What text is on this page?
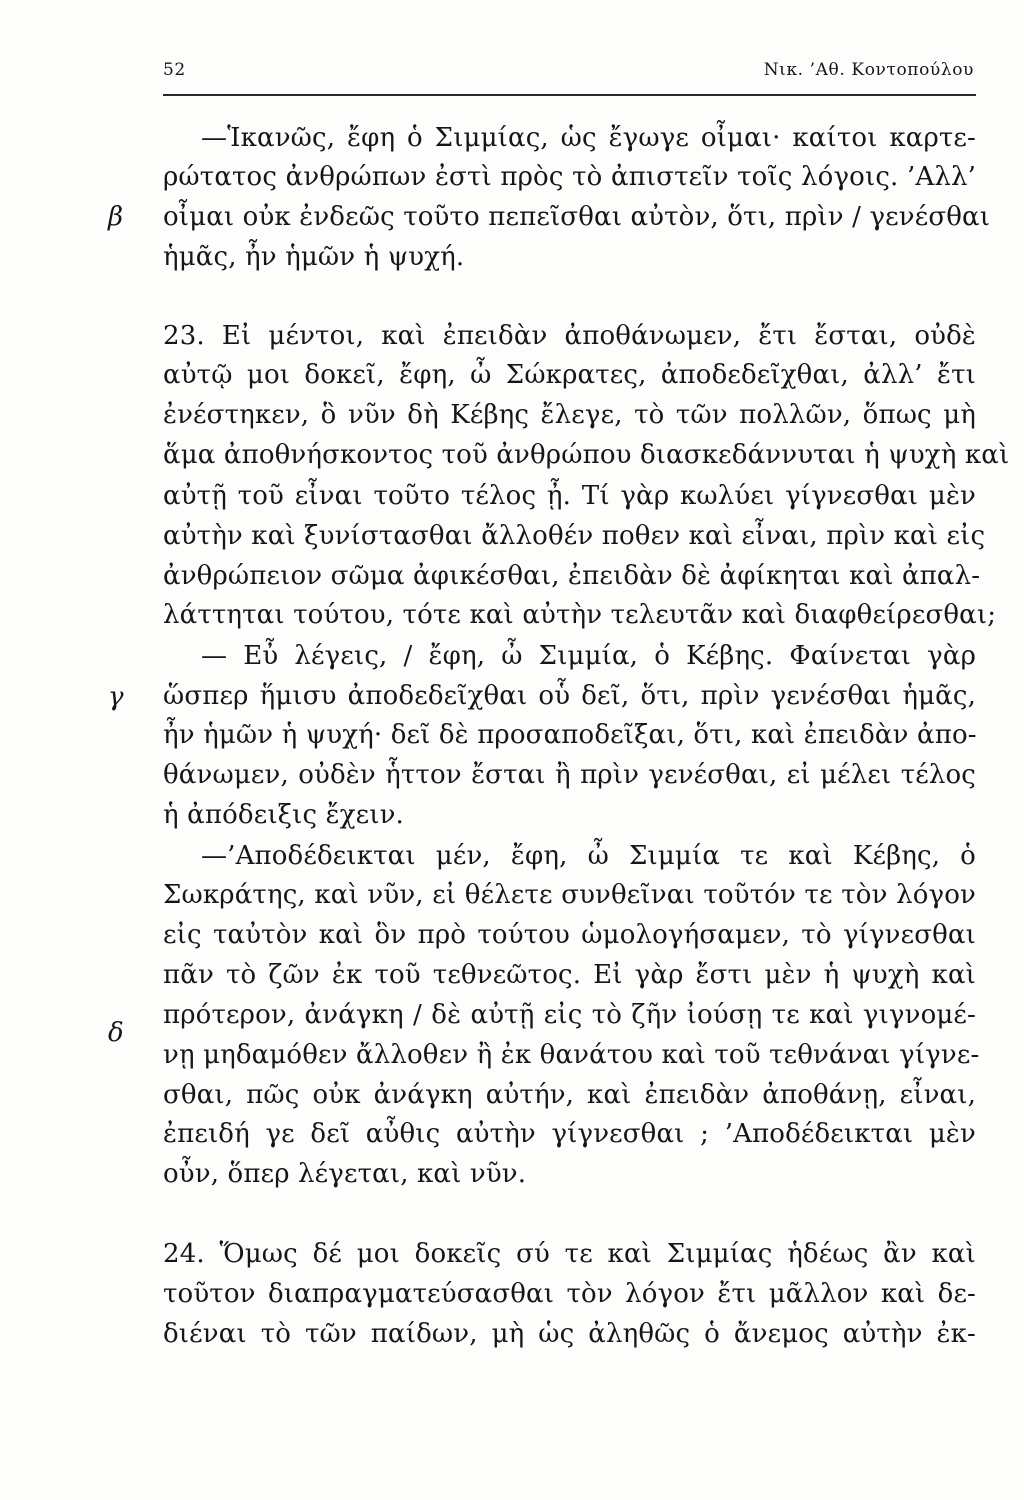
52	Νικ. ’Αθ. Κοντοπούλου
β
γ
δ
—Ἱκανῶς, ἔφη ὁ Σιμμίας, ὡς ἔγωγε οἶμαι· καίτοι καρτε-
ρώτατος ἀνθρώπων ἐστὶ πρὸς τὸ ἀπιστεῖν τοῖς λόγοις. ’Αλλ’
οἶμαι οὐκ ἐνδεῶς τοῦτο πεπεῖσθαι αὐτὸν, ὅτι, πρὶν / γενέσθαι
ἡμᾶς, ἦν ἡμῶν ἡ ψυχή.
23. Εἰ μέντοι, καὶ ἐπειδὰν ἀποθάνωμεν, ἔτι ἔσται, οὐδὲ
αὐτῷ μοι δοκεῖ, ἔφη, ὦ Σώκρατες, ἀποδεδεῖχθαι, ἀλλ’ ἔτι
ἐνέστηκεν, ὃ νῦν δὴ Κέβης ἔλεγε, τὸ τῶν πολλῶν, ὅπως μὴ
ἅμα ἀποθνήσκοντος τοῦ ἀνθρώπου διασκεδάννυται ἡ ψυχὴ καὶ
αὐτῇ τοῦ εἶναι τοῦτο τέλος ᾖ. Τί γὰρ κωλύει γίγνεσθαι μὲν
αὐτὴν καὶ ξυνίστασθαι ἄλλοθέν ποθεν καὶ εἶναι, πρὶν καὶ εἰς
ἀνθρώπειον σῶμα ἀφικέσθαι, ἐπειδὰν δὲ ἀφίκηται καὶ ἀπαλ-
λάττηται τούτου, τότε καὶ αὐτὴν τελευτᾶν καὶ διαφθείρεσθαι;
— Εὖ λέγεις, / ἔφη, ὦ Σιμμία, ὁ Κέβης. Φαίνεται γὰρ
ὥσπερ ἥμισυ ἀποδεδεῖχθαι οὗ δεῖ, ὅτι, πρὶν γενέσθαι ἡμᾶς,
ἦν ἡμῶν ἡ ψυχή· δεῖ δὲ προσαποδεῖξαι, ὅτι, καὶ ἐπειδὰν ἀπο-
θάνωμεν, οὐδὲν ἧττον ἔσται ἢ πρὶν γενέσθαι, εἰ μέλει τέλος
ἡ ἀπόδειξις ἔχειν.
—’Αποδέδεικται μέν, ἔφη, ὦ Σιμμία τε καὶ Κέβης, ὁ
Σωκράτης, καὶ νῦν, εἰ θέλετε συνθεῖναι τοῦτόν τε τὸν λόγον
εἰς ταὐτὸν καὶ ὃν πρὸ τούτου ὡμολογήσαμεν, τὸ γίγνεσθαι
πᾶν τὸ ζῶν ἐκ τοῦ τεθνεῶτος. Εἰ γὰρ ἔστι μὲν ἡ ψυχὴ καὶ
πρότερον, ἀνάγκη / δὲ αὐτῇ εἰς τὸ ζῆν ἰούσῃ τε καὶ γιγνομέ-
νῃ μηδαμόθεν ἄλλοθεν ἢ ἐκ θανάτου καὶ τοῦ τεθνάναι γίγνε-
σθαι, πῶς οὐκ ἀνάγκη αὐτήν, καὶ ἐπειδὰν ἀποθάνῃ, εἶναι,
ἐπειδή γε δεῖ αὖθις αὐτὴν γίγνεσθαι ; ’Αποδέδεικται μὲν
οὖν, ὅπερ λέγεται, καὶ νῦν.
24. Ὅμως δέ μοι δοκεῖς σύ τε καὶ Σιμμίας ἡδέως ἂν καὶ
τοῦτον διαπραγματεύσασθαι τὸν λόγον ἔτι μᾶλλον καὶ δε-
διέναι τὸ τῶν παίδων, μὴ ὡς ἀληθῶς ὁ ἄνεμος αὐτὴν ἐκ-
